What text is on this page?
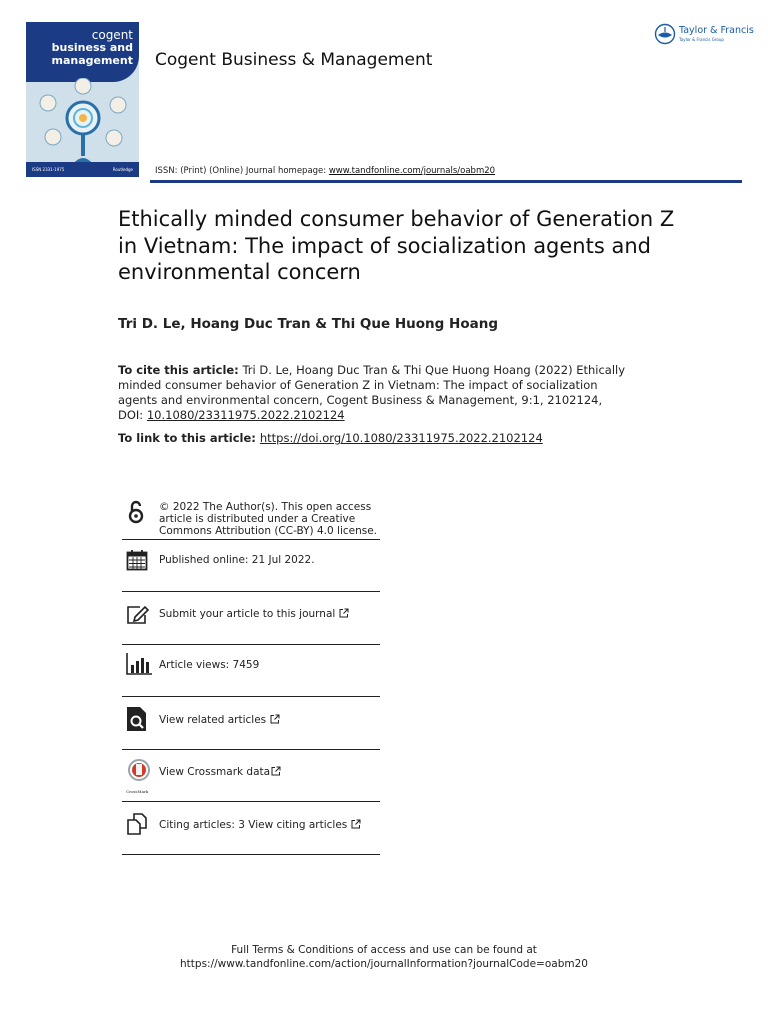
cogent
business and
management
ISSN 2331-1975	Routledge
Cogent Business & Management
ISSN: (Print) (Online) Journal homepage: www.tandfonline.com/journals/oabm20
Taylor & Francis
Taylor & Francis Group
Ethically minded consumer behavior of Generation Z in Vietnam: The impact of socialization agents and environmental concern
Tri D. Le, Hoang Duc Tran & Thi Que Huong Hoang

To cite this article: Tri D. Le, Hoang Duc Tran & Thi Que Huong Hoang (2022) Ethically minded consumer behavior of Generation Z in Vietnam: The impact of socialization agents and environmental concern, Cogent Business & Management, 9:1, 2102124, DOI: 10.1080/23311975.2022.2102124

To link to this article: https://doi.org/10.1080/23311975.2022.2102124
© 2022 The Author(s). This open access
article is distributed under a Creative
Commons Attribution (CC-BY) 4.0 license.
Published online: 21 Jul 2022.
Submit your article to this journal
Article views: 7459
View related articles
CrossMark
View Crossmark data
Citing articles: 3 View citing articles
Full Terms & Conditions of access and use can be found at
https://www.tandfonline.com/action/journalInformation?journalCode=oabm20
